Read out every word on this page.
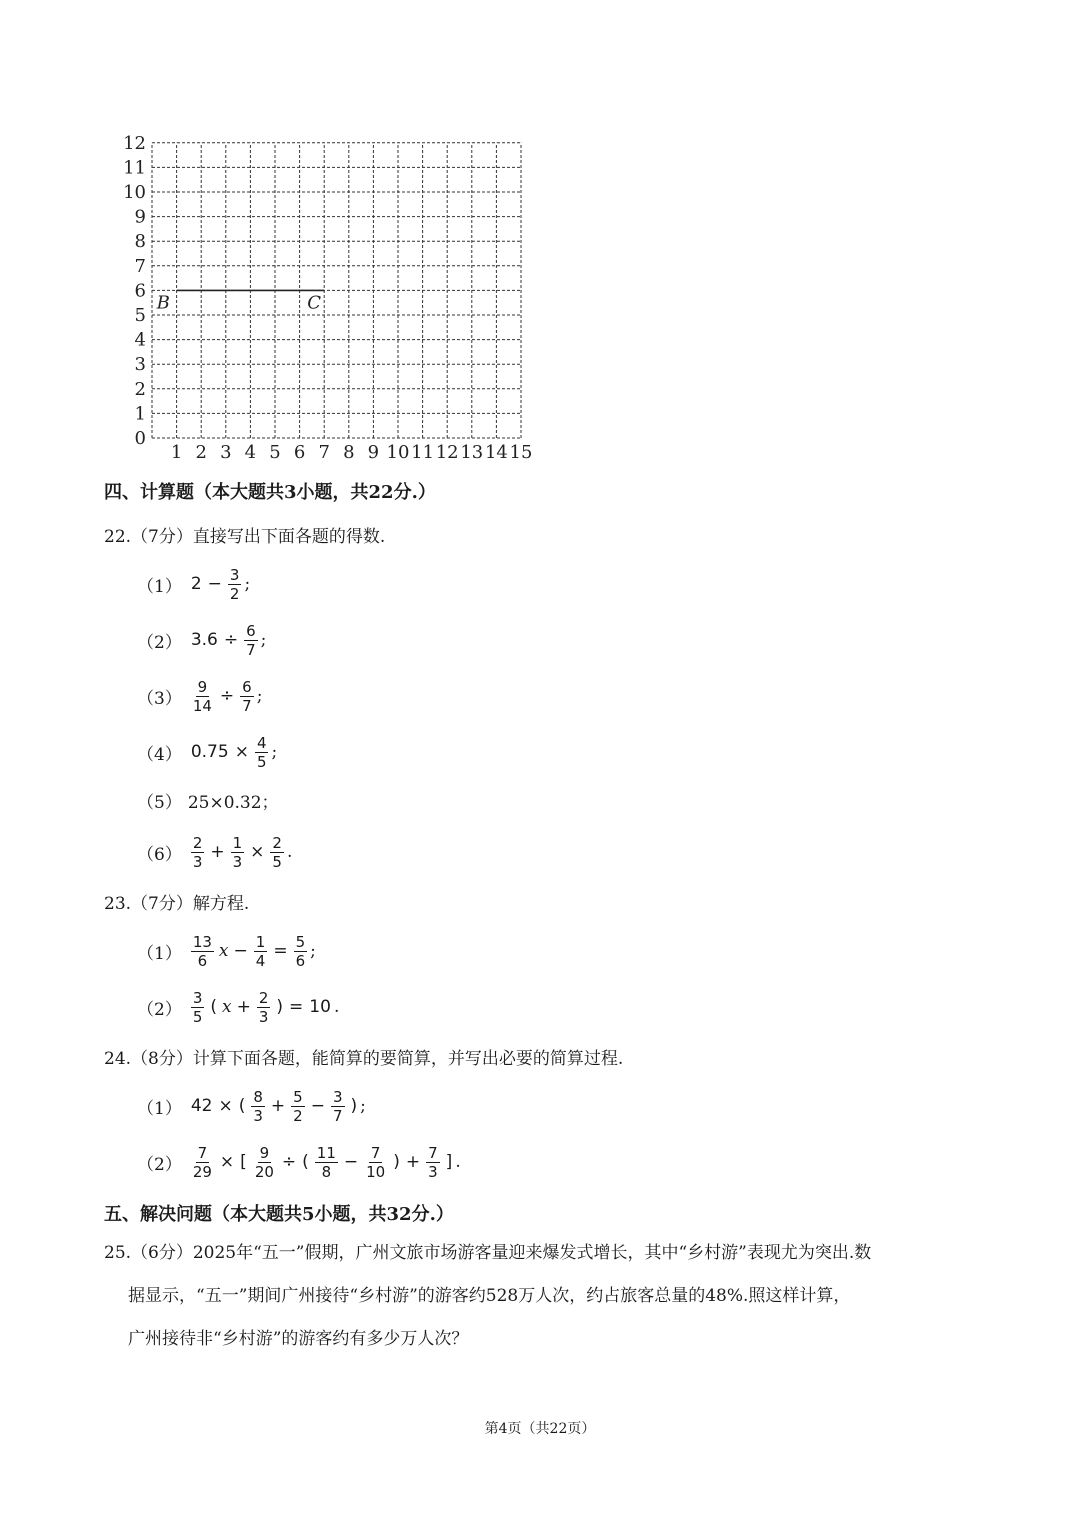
0
1
2
3
4
5
6
7
8
9
10
11
12
1 2 3 4 5 6 7 8 9 10 11 12 13 14 15
B	C
四、计算题（本大题共3小题，共22分.）
22.（7分）直接写出下面各题的得数.
（1） $2 - \frac{3}{2}$ ;
（2） $3.6 \div \frac{6}{7}$ ;
$(3) \frac{9}{14} \div \frac{6}{7}$ ;
（4） $0.75 \times \frac{4}{5}$ ;
（5） 25×0.32；
$(6) \frac{2}{3} + \frac{1}{3} \times \frac{2}{5}$ .
23.（7分）解方程.
$(1) \frac{13}{6}$ $x - \frac{1}{4} = \frac{5}{6}$ ;
$(2) \frac{3}{5}$ ( $x + \frac{2}{3}$ ) = 10 .
24.（8分）计算下面各题，能简算的要简算，并写出必要的简算过程.
（1） 42 × ( $\frac{8}{3} + \frac{5}{2} - \frac{3}{7}$ ) ;
$(2) \frac{7}{29}$ × [ $\frac{9}{20}$ ÷ ( $\frac{11}{8} - \frac{7}{10}$ ) + $\frac{7}{3}$ ] .
五、解决问题（本大题共5小题，共32分.）
25.（6分）2025年“五一”假期，广州文旅市场游客量迎来爆发式增长，其中“乡村游”表现尤为突出.数
据显示，“五一”期间广州接待“乡村游”的游客约528万人次，约占旅客总量的48%.照这样计算，
广州接待非“乡村游”的游客约有多少万人次？
第4页（共22页）
